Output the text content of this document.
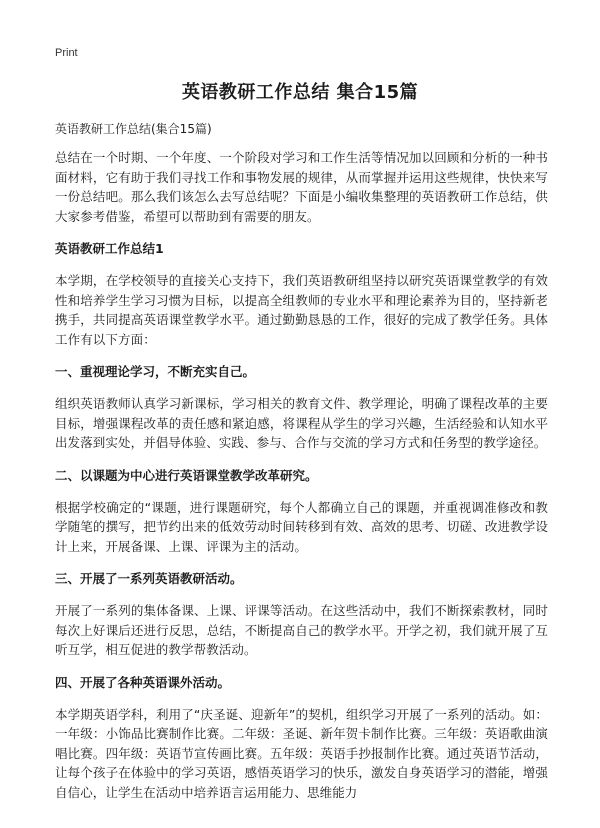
Print
英语教研工作总结 集合15篇
英语教研工作总结(集合15篇)

总结在一个时期、一个年度、一个阶段对学习和工作生活等情况加以回顾和分析的一种书面材料，它有助于我们寻找工作和事物发展的规律，从而掌握并运用这些规律，快快来写一份总结吧。那么我们该怎么去写总结呢？下面是小编收集整理的英语教研工作总结，供大家参考借鉴，希望可以帮助到有需要的朋友。

英语教研工作总结1

本学期，在学校领导的直接关心支持下，我们英语教研组坚持以研究英语课堂教学的有效性和培养学生学习习惯为目标，以提高全组教师的专业水平和理论素养为目的，坚持新老携手，共同提高英语课堂教学水平。通过勤勤恳恳的工作，很好的完成了教学任务。具体工作有以下方面：

一、重视理论学习，不断充实自己。

组织英语教师认真学习新课标，学习相关的教育文件、教学理论，明确了课程改革的主要目标，增强课程改革的责任感和紧迫感，将课程从学生的学习兴趣，生活经验和认知水平出发落到实处，并倡导体验、实践、参与、合作与交流的学习方式和任务型的教学途径。

二、以课题为中心进行英语课堂教学改革研究。

根据学校确定的“课题，进行课题研究，每个人都确立自己的课题，并重视调准修改和教学随笔的撰写，把节约出来的低效劳动时间转移到有效、高效的思考、切磋、改进教学设计上来，开展备课、上课、评课为主的活动。

三、开展了一系列英语教研活动。

开展了一系列的集体备课、上课、评课等活动。在这些活动中，我们不断探索教材，同时每次上好课后还进行反思，总结，不断提高自己的教学水平。开学之初，我们就开展了互听互学，相互促进的教学帮教活动。

四、开展了各种英语课外活动。

本学期英语学科，利用了“庆圣诞、迎新年”的契机，组织学习开展了一系列的活动。如：一年级：小饰品比赛制作比赛。二年级：圣诞、新年贺卡制作比赛。三年级：英语歌曲演唱比赛。四年级：英语节宣传画比赛。五年级：英语手抄报制作比赛。通过英语节活动，让每个孩子在体验中的学习英语，感悟英语学习的快乐，激发自身英语学习的潜能，增强自信心，让学生在活动中培养语言运用能力、思维能力
